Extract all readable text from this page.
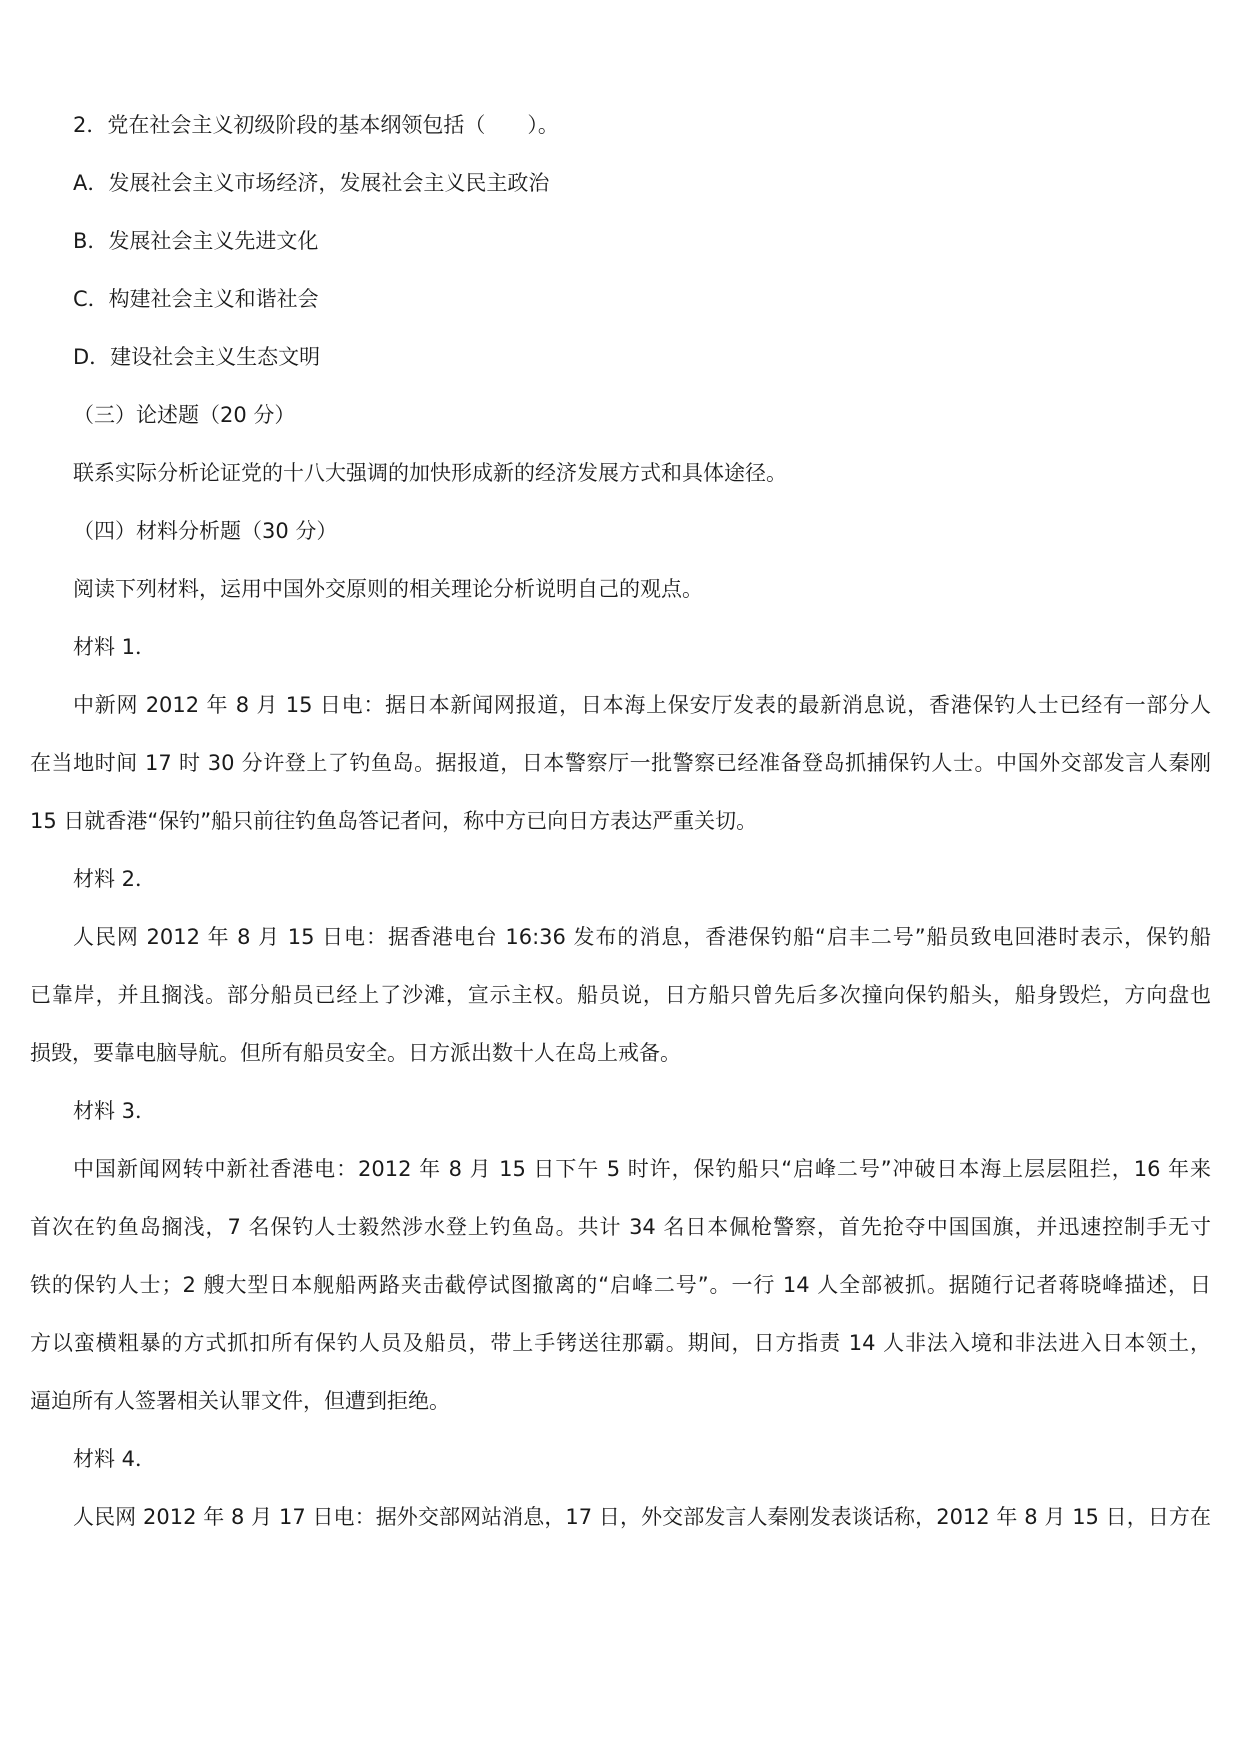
2．党在社会主义初级阶段的基本纲领包括（　　）。

A．发展社会主义市场经济，发展社会主义民主政治

B．发展社会主义先进文化

C．构建社会主义和谐社会

D．建设社会主义生态文明

（三）论述题（20 分）

联系实际分析论证党的十八大强调的加快形成新的经济发展方式和具体途径。

（四）材料分析题（30 分）

阅读下列材料，运用中国外交原则的相关理论分析说明自己的观点。

材料 1．

中新网 2012 年 8 月 15 日电：据日本新闻网报道，日本海上保安厅发表的最新消息说，香港保钓人士已经有一部分人

在当地时间 17 时 30 分许登上了钓鱼岛。据报道，日本警察厅一批警察已经准备登岛抓捕保钓人士。中国外交部发言人秦刚

15 日就香港“保钓”船只前往钓鱼岛答记者问，称中方已向日方表达严重关切。

材料 2．

人民网 2012 年 8 月 15 日电：据香港电台 16:36 发布的消息，香港保钓船“启丰二号”船员致电回港时表示，保钓船

已靠岸，并且搁浅。部分船员已经上了沙滩，宣示主权。船员说，日方船只曾先后多次撞向保钓船头，船身毁烂，方向盘也

损毁，要靠电脑导航。但所有船员安全。日方派出数十人在岛上戒备。

材料 3．

中国新闻网转中新社香港电：2012 年 8 月 15 日下午 5 时许，保钓船只“启峰二号”冲破日本海上层层阻拦，16 年来

首次在钓鱼岛搁浅，7 名保钓人士毅然涉水登上钓鱼岛。共计 34 名日本佩枪警察，首先抢夺中国国旗，并迅速控制手无寸

铁的保钓人士；2 艘大型日本舰船两路夹击截停试图撤离的“启峰二号”。一行 14 人全部被抓。据随行记者蒋晓峰描述，日

方以蛮横粗暴的方式抓扣所有保钓人员及船员，带上手铐送往那霸。期间，日方指责 14 人非法入境和非法进入日本领土，

逼迫所有人签署相关认罪文件，但遭到拒绝。

材料 4．

人民网 2012 年 8 月 17 日电：据外交部网站消息，17 日，外交部发言人秦刚发表谈话称，2012 年 8 月 15 日，日方在
